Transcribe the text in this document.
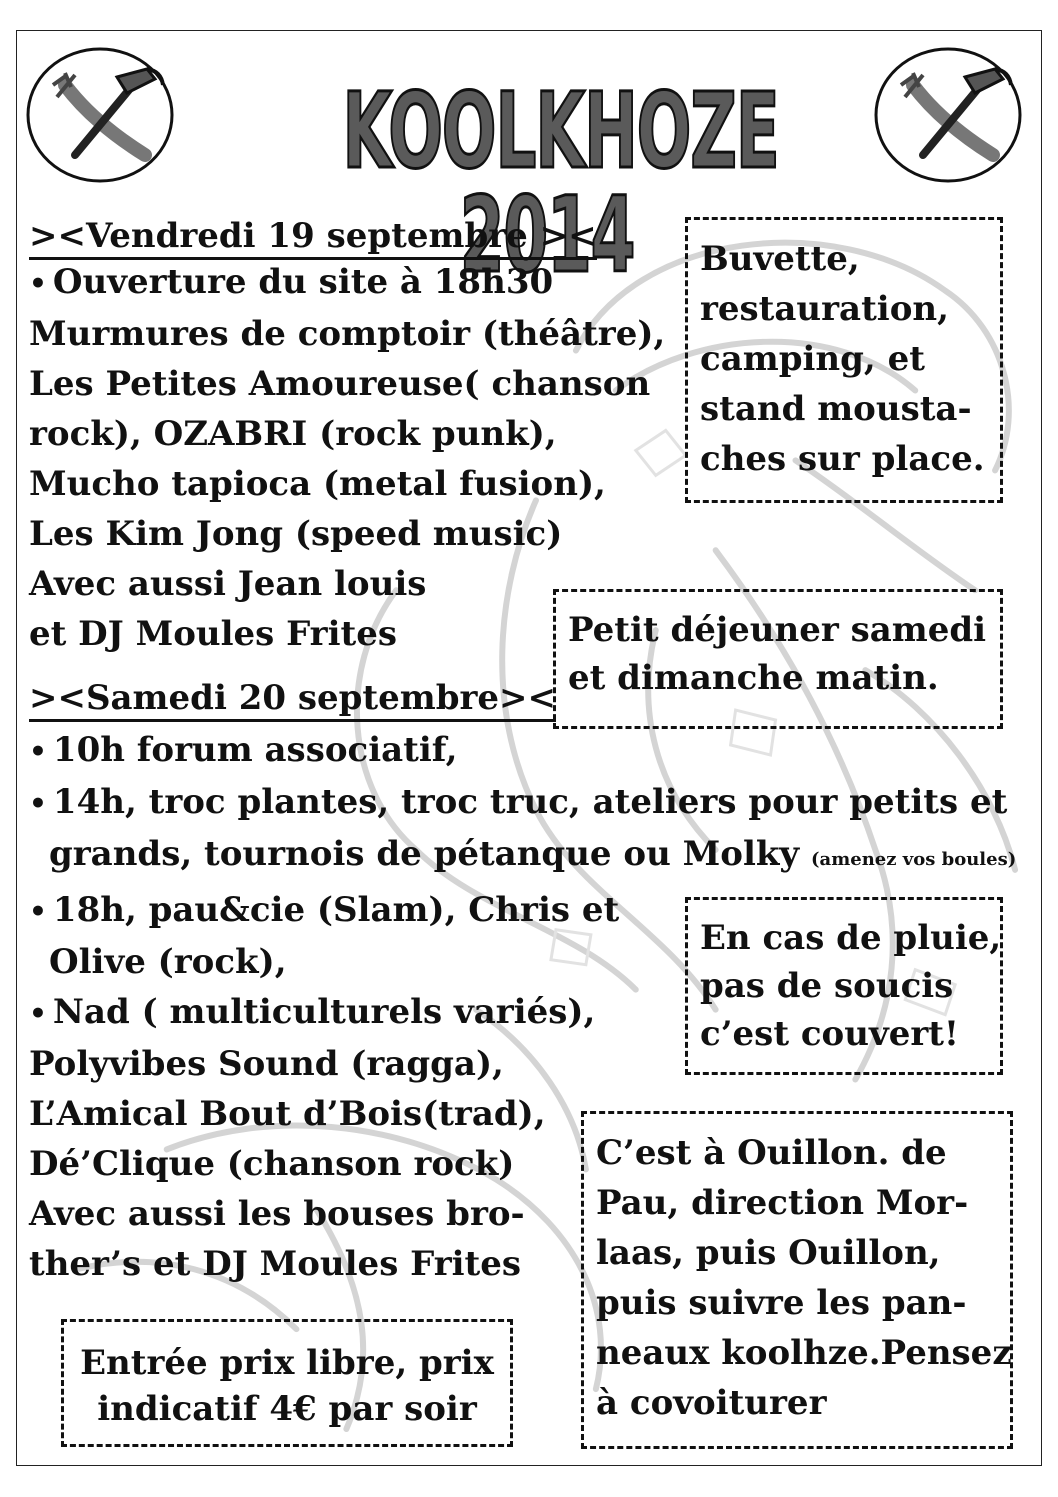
KOOLKHOZE 2014
><Vendredi 19 septembre ><
• Ouverture du site à 18h30
Murmures de comptoir (théâtre),
Les Petites Amoureuse( chanson
rock), OZABRI (rock punk),
Mucho tapioca (metal fusion),
Les Kim Jong (speed music)
Avec aussi Jean louis
et DJ Moules Frites
><Samedi 20 septembre><
• 10h forum associatif,
• 14h, troc plantes, troc truc, ateliers pour petits et
grands, tournois de pétanque ou Molky (amenez vos boules)
• 18h, pau&cie (Slam), Chris et
Olive (rock),
• Nad ( multiculturels variés),
Polyvibes Sound (ragga),
L’Amical Bout d’Bois(trad),
Dé’Clique (chanson rock)
Avec aussi les bouses bro-
ther’s et DJ Moules Frites
Buvette,
restauration,
camping, et
stand mousta-
ches sur place.
Petit déjeuner samedi
et dimanche matin.
En cas de pluie,
pas de soucis
c’est couvert!
C’est à Ouillon. de
Pau, direction Mor-
laas, puis Ouillon,
puis suivre les pan-
neaux koolhze.Pensez
à covoiturer
Entrée prix libre, prix
indicatif 4€ par soir
